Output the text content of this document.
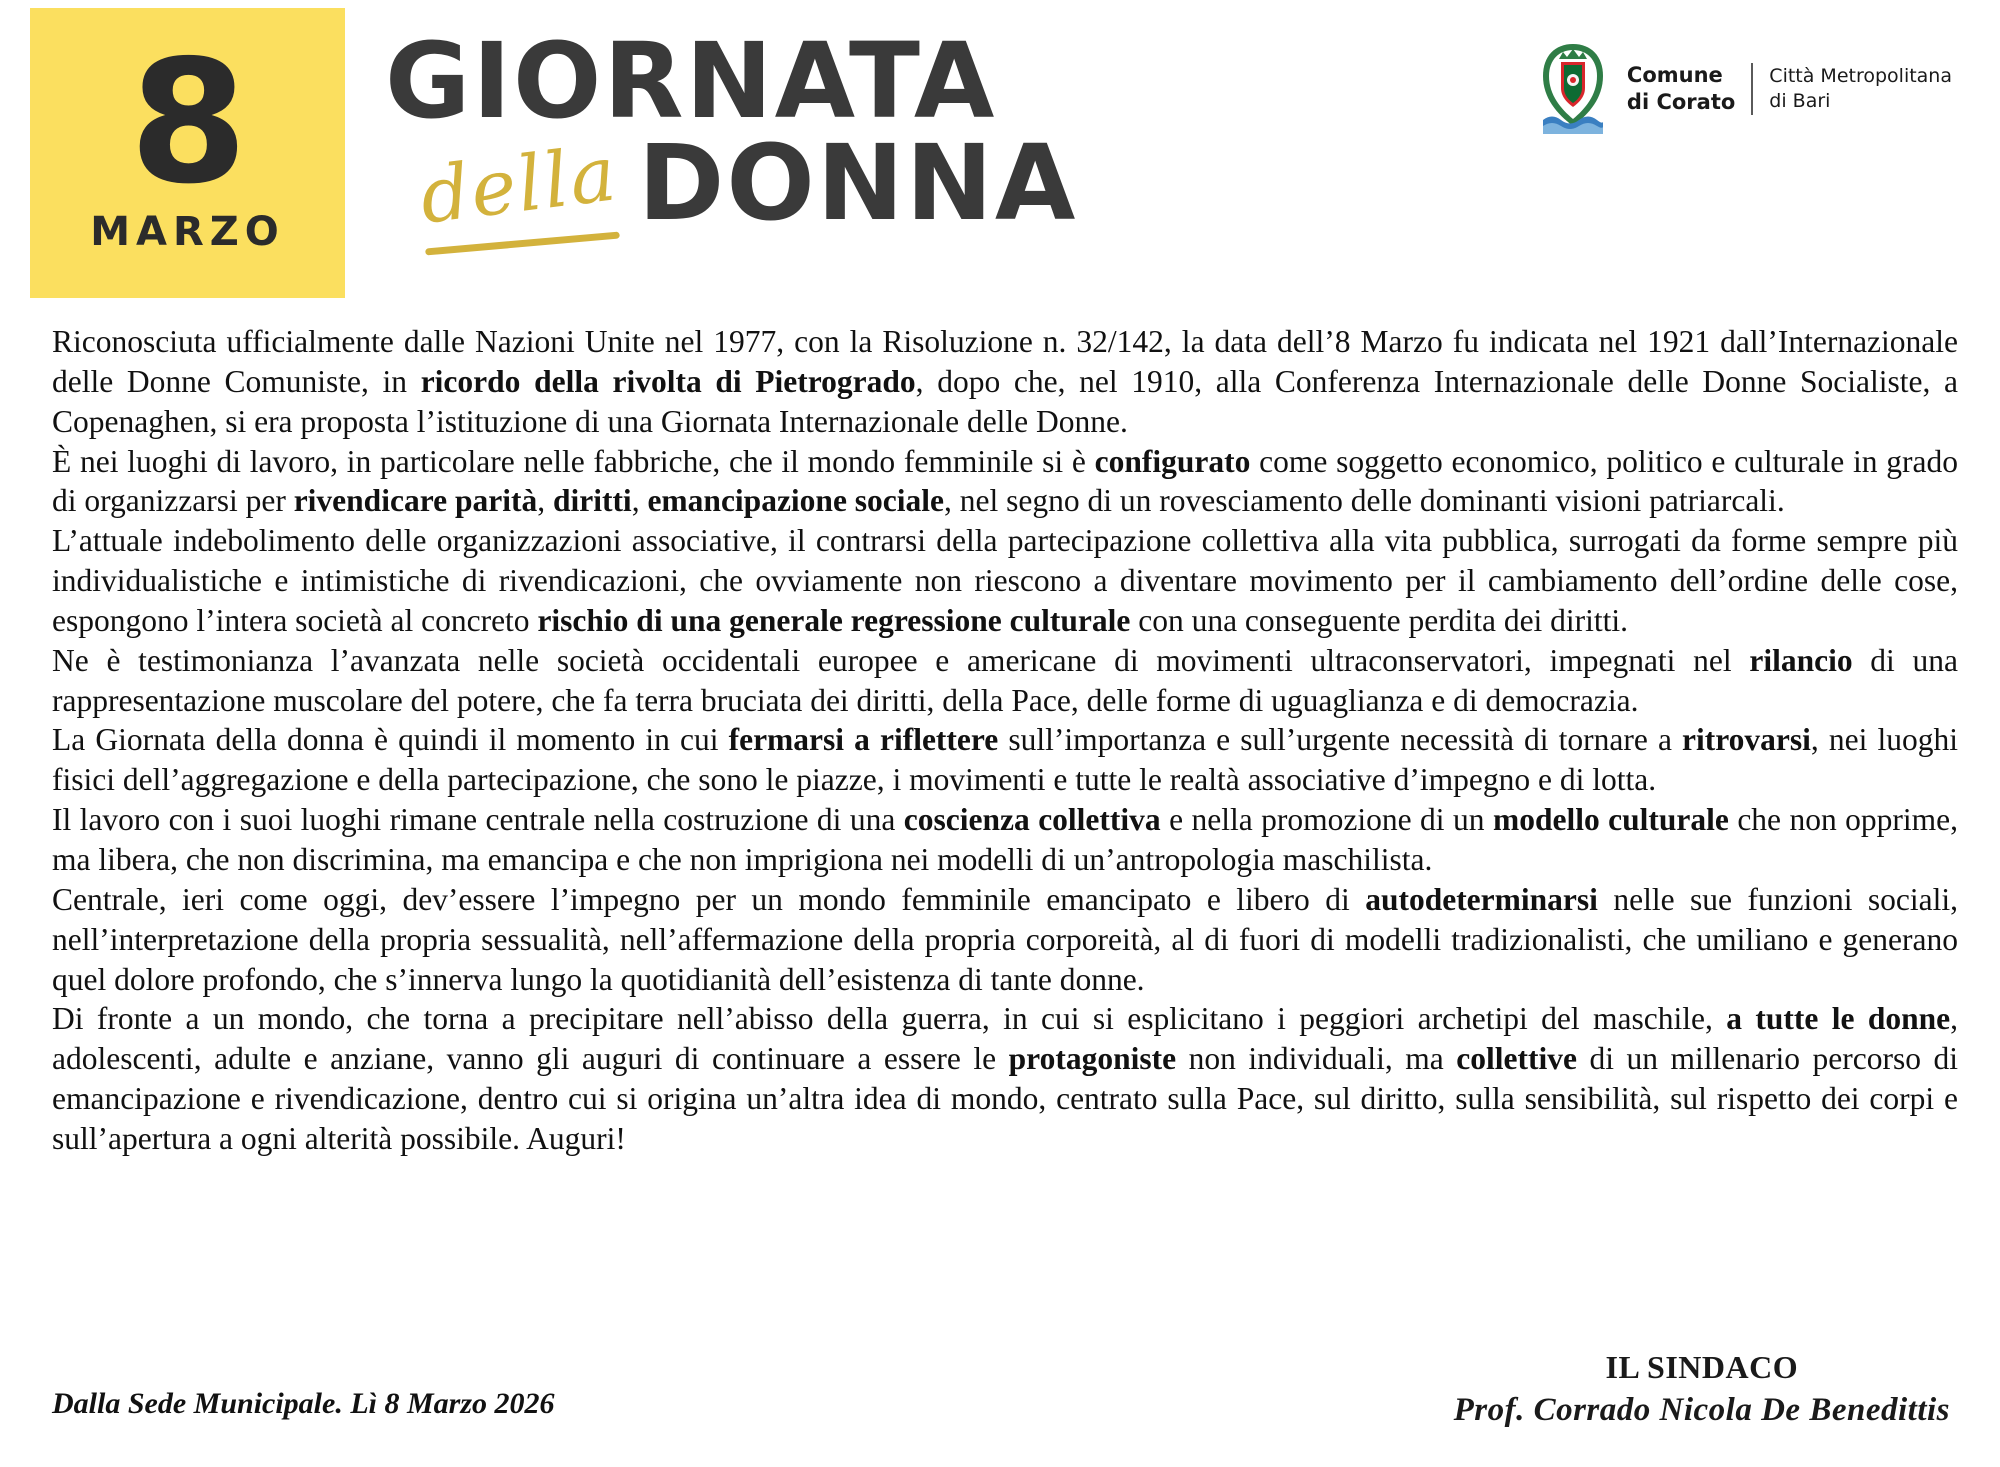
8
MARZO
GIORNATA
DONNA
della
Comune
di Corato
Città Metropolitana
di Bari

Riconosciuta ufficialmente dalle Nazioni Unite nel 1977, con la Risoluzione n. 32/142, la data dell’8 Marzo fu indicata nel 1921 dall’Internazionale delle Donne Comuniste, in ricordo della rivolta di Pietrogrado, dopo che, nel 1910, alla Conferenza Internazionale delle Donne Socialiste, a Copenaghen, si era proposta l’istituzione di una Giornata Internazionale delle Donne.

È nei luoghi di lavoro, in particolare nelle fabbriche, che il mondo femminile si è configurato come soggetto economico, politico e culturale in grado di organizzarsi per rivendicare parità, diritti, emancipazione sociale, nel segno di un rovesciamento delle dominanti visioni patriarcali.

L’attuale indebolimento delle organizzazioni associative, il contrarsi della partecipazione collettiva alla vita pubblica, surrogati da forme sempre più individualistiche e intimistiche di rivendicazioni, che ovviamente non riescono a diventare movimento per il cambiamento dell’ordine delle cose, espongono l’intera società al concreto rischio di una generale regressione culturale con una conseguente perdita dei diritti.

Ne è testimonianza l’avanzata nelle società occidentali europee e americane di movimenti ultraconservatori, impegnati nel rilancio di una rappresentazione muscolare del potere, che fa terra bruciata dei diritti, della Pace, delle forme di uguaglianza e di democrazia.

La Giornata della donna è quindi il momento in cui fermarsi a riflettere sull’importanza e sull’urgente necessità di tornare a ritrovarsi, nei luoghi fisici dell’aggregazione e della partecipazione, che sono le piazze, i movimenti e tutte le realtà associative d’impegno e di lotta.

Il lavoro con i suoi luoghi rimane centrale nella costruzione di una coscienza collettiva e nella promozione di un modello culturale che non opprime, ma libera, che non discrimina, ma emancipa e che non imprigiona nei modelli di un’antropologia maschilista.

Centrale, ieri come oggi, dev’essere l’impegno per un mondo femminile emancipato e libero di autodeterminarsi nelle sue funzioni sociali, nell’interpretazione della propria sessualità, nell’affermazione della propria corporeità, al di fuori di modelli tradizionalisti, che umiliano e generano quel dolore profondo, che s’innerva lungo la quotidianità dell’esistenza di tante donne.

Di fronte a un mondo, che torna a precipitare nell’abisso della guerra, in cui si esplicitano i peggiori archetipi del maschile, a tutte le donne, adolescenti, adulte e anziane, vanno gli auguri di continuare a essere le protagoniste non individuali, ma collettive di un millenario percorso di emancipazione e rivendicazione, dentro cui si origina un’altra idea di mondo, centrato sulla Pace, sul diritto, sulla sensibilità, sul rispetto dei corpi e sull’apertura a ogni alterità possibile. Auguri!

Dalla Sede Municipale. Lì 8 Marzo 2026
IL SINDACO
Prof. Corrado Nicola De Benedittis
